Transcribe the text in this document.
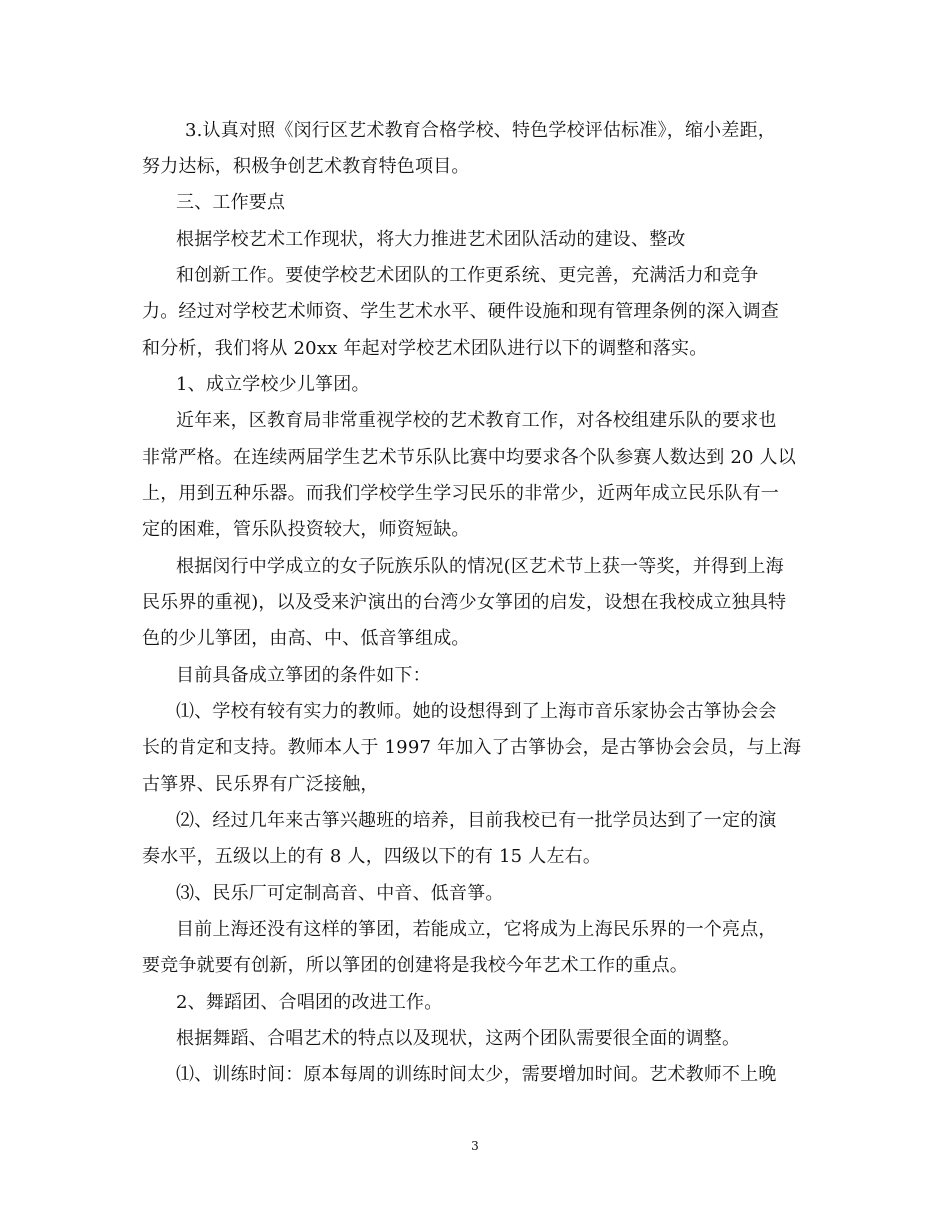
3.认真对照《闵行区艺术教育合格学校、特色学校评估标准》，缩小差距，
努力达标，积极争创艺术教育特色项目。
三、工作要点
根据学校艺术工作现状，将大力推进艺术团队活动的建设、整改
和创新工作。要使学校艺术团队的工作更系统、更完善，充满活力和竞争
力。经过对学校艺术师资、学生艺术水平、硬件设施和现有管理条例的深入调查
和分析，我们将从 20xx 年起对学校艺术团队进行以下的调整和落实。
1、成立学校少儿箏团。
近年来，区教育局非常重视学校的艺术教育工作，对各校组建乐队的要求也
非常严格。在连续两届学生艺术节乐队比赛中均要求各个队参赛人数达到 20 人以
上，用到五种乐器。而我们学校学生学习民乐的非常少，近两年成立民乐队有一
定的困难，管乐队投资较大，师资短缺。
根据闵行中学成立的女子阮族乐队的情况(区艺术节上获一等奖，并得到上海
民乐界的重视)，以及受来沪演出的台湾少女箏团的启发，设想在我校成立独具特
色的少儿箏团，由高、中、低音箏组成。
目前具备成立箏团的条件如下：
⑴、学校有较有实力的教师。她的设想得到了上海市音乐家协会古箏协会会
长的肯定和支持。教师本人于 1997 年加入了古箏协会，是古箏协会会员，与上海
古箏界、民乐界有广泛接触，
⑵、经过几年来古箏兴趣班的培养，目前我校已有一批学员达到了一定的演
奏水平，五级以上的有 8 人，四级以下的有 15 人左右。
⑶、民乐厂可定制高音、中音、低音箏。
目前上海还没有这样的箏团，若能成立，它将成为上海民乐界的一个亮点，
要竞争就要有创新，所以箏团的创建将是我校今年艺术工作的重点。
2、舞蹈团、合唱团的改进工作。
根据舞蹈、合唱艺术的特点以及现状，这两个团队需要很全面的调整。
⑴、训练时间：原本每周的训练时间太少，需要增加时间。艺术教师不上晚
3
